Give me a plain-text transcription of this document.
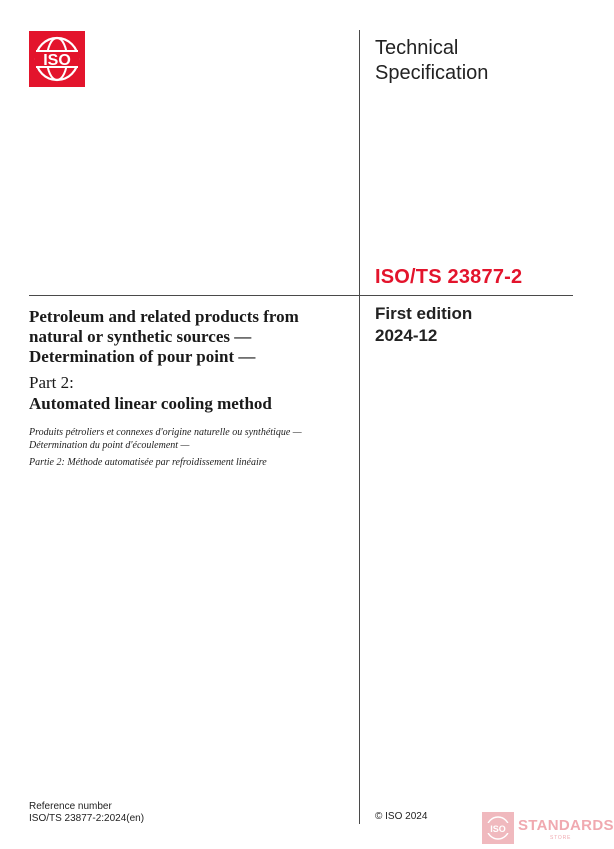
ISO
Technical Specification
ISO/TS 23877-2
First edition
2024-12
Petroleum and related products from natural or synthetic sources — Determination of pour point —
Part 2:
Automated linear cooling method
Produits pétroliers et connexes d'origine naturelle ou synthétique — Détermination du point d'écoulement —
Partie 2: Méthode automatisée par refroidissement linéaire
Reference number
ISO/TS 23877-2:2024(en)	© ISO 2024
ISO STANDARDS
STORE
